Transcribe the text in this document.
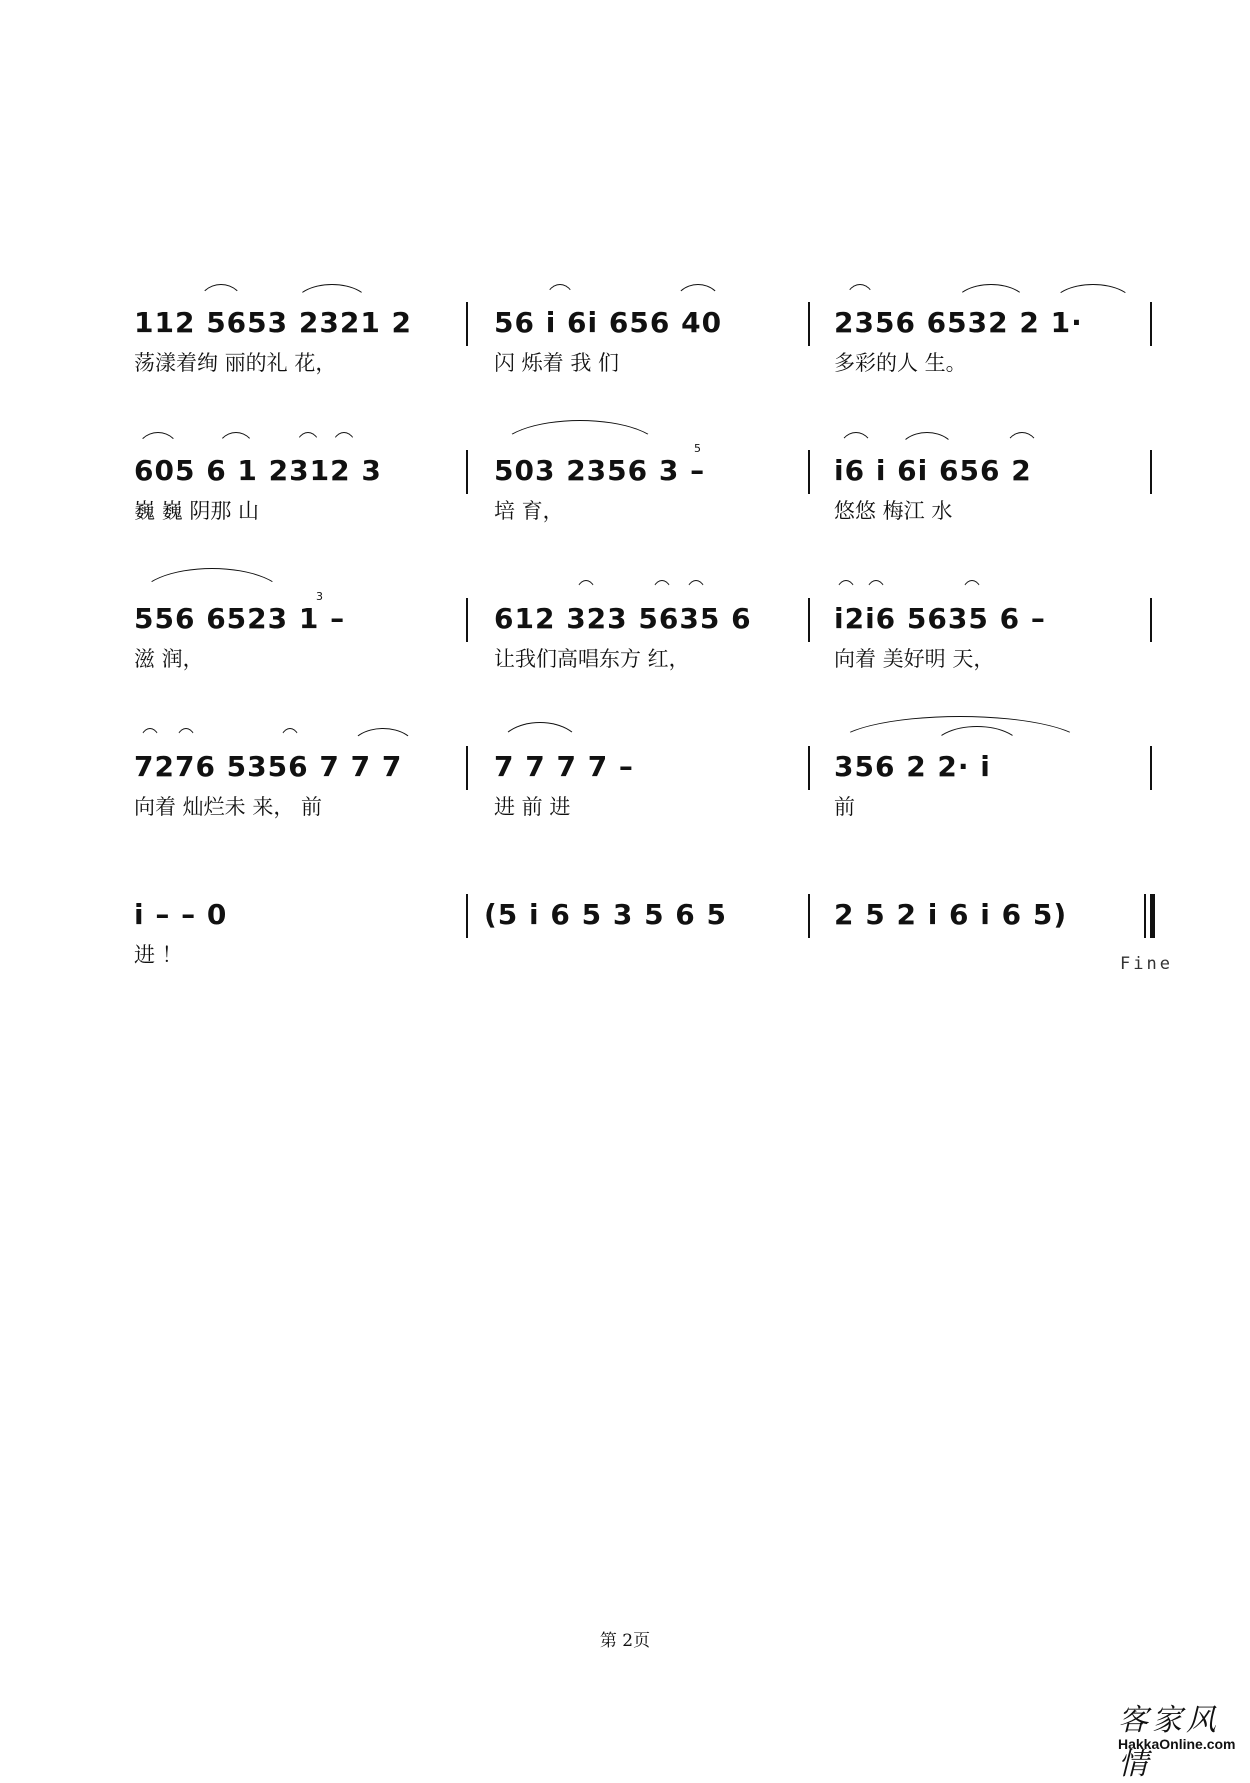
112 5653 2321 2	56 i 6i 656 40	2356 6532 2 1·
荡漾着绚 丽的礼 花，	闪 烁着 我 们	多彩的人 生。
605 6 1 2312 3
5
503 2356 3 –	i6 i 6i 656 2
巍 巍 阴那 山	培 育，	悠悠 梅江 水
3
556 6523 1 –	612 323 5635 6	i2i6 5635 6 –
滋 润，	让我们高唱东方 红，	向着 美好明 天，
7276 5356 7 7 7	7 7 7 7 –	356 2 2· i
向着 灿烂未 来， 前	进 前 进	前
i – – 0	(5 i 6 5 3 5 6 5	2 5 2 i 6 i 6 5)
进 ！	Fine
第 2页
客家风情
HakkaOnline.com
